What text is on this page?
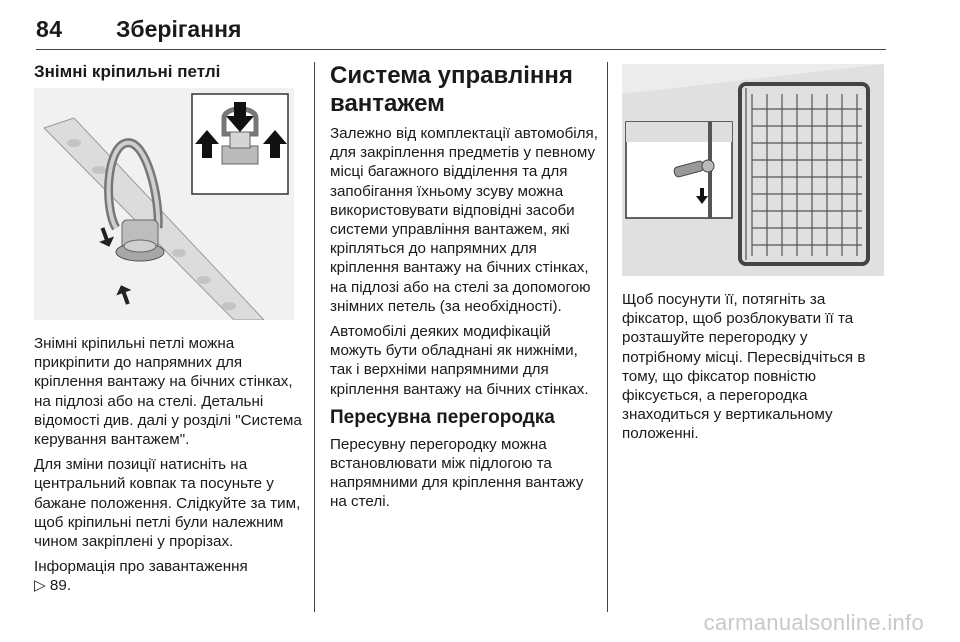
84 Зберігання
Знімні кріпильні петлі

Знімні кріпильні петлі можна прикріпити до напрямних для кріплення вантажу на бічних стінках, на підлозі або на стелі. Детальні відомості див. далі у розділі "Система керування вантажем".

Для зміни позиції натисніть на центральний ковпак та посуньте у бажане положення. Слідкуйте за тим, щоб кріпильні петлі були належним чином закріплені у прорізах.

Інформація про завантаження
▷ 89.

Система управління вантажем

Залежно від комплектації автомобіля, для закріплення предметів у певному місці багажного відділення та для запобігання їхньому зсуву можна використовувати відповідні засоби системи управління вантажем, які кріпляться до напрямних для кріплення вантажу на бічних стінках, на підлозі або на стелі за допомогою знімних петель (за необхідності).

Автомобілі деяких модифікацій можуть бути обладнані як нижніми, так і верхніми напрямними для кріплення вантажу на бічних стінках.

Пересувна перегородка

Пересувну перегородку можна встановлювати між підлогою та напрямними для кріплення вантажу на стелі.

Щоб посунути її, потягніть за фіксатор, щоб розблокувати її та розташуйте перегородку у потрібному місці. Пересвідчіться в тому, що фіксатор повністю фіксується, а перегородка знаходиться у вертикальному положенні.

carmanualsonline.info
